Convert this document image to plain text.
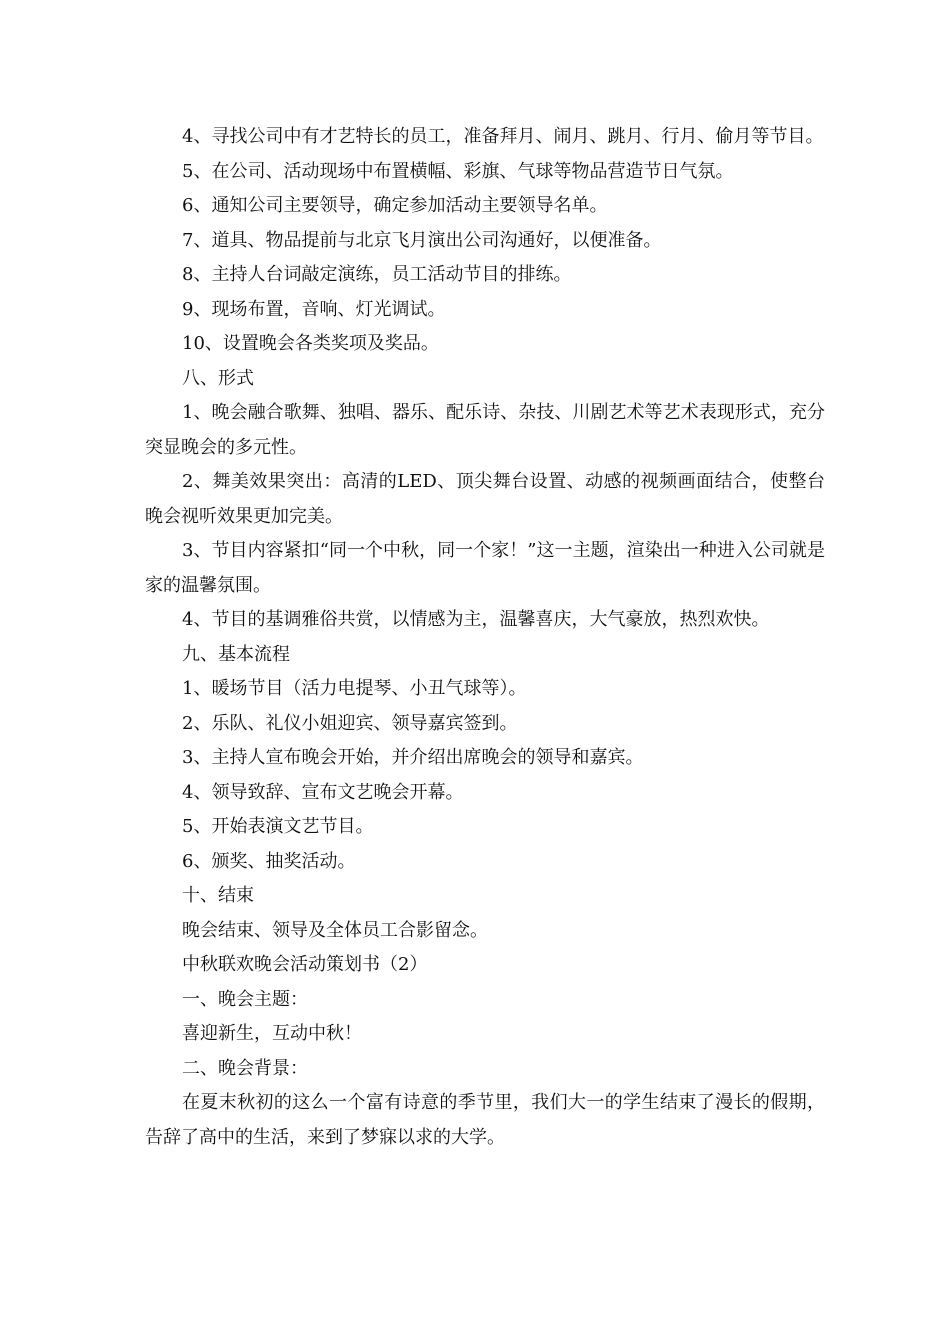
4、寻找公司中有才艺特长的员工，准备拜月、闹月、跳月、行月、偷月等节目。

5、在公司、活动现场中布置横幅、彩旗、气球等物品营造节日气氛。

6、通知公司主要领导，确定参加活动主要领导名单。

7、道具、物品提前与北京飞月演出公司沟通好，以便准备。

8、主持人台词敲定演练，员工活动节目的排练。

9、现场布置，音响、灯光调试。

10、设置晚会各类奖项及奖品。

八、形式

1、晚会融合歌舞、独唱、器乐、配乐诗、杂技、川剧艺术等艺术表现形式，充分突显晚会的多元性。

2、舞美效果突出：高清的LED、顶尖舞台设置、动感的视频画面结合，使整台晚会视听效果更加完美。

3、节目内容紧扣“同一个中秋，同一个家！”这一主题，渲染出一种进入公司就是家的温馨氛围。

4、节目的基调雅俗共赏，以情感为主，温馨喜庆，大气豪放，热烈欢快。

九、基本流程

1、暖场节目（活力电提琴、小丑气球等）。

2、乐队、礼仪小姐迎宾、领导嘉宾签到。

3、主持人宣布晚会开始，并介绍出席晚会的领导和嘉宾。

4、领导致辞、宣布文艺晚会开幕。

5、开始表演文艺节目。

6、颁奖、抽奖活动。

十、结束

晚会结束、领导及全体员工合影留念。

中秋联欢晚会活动策划书（2）

一、晚会主题：

喜迎新生，互动中秋！

二、晚会背景：

在夏末秋初的这么一个富有诗意的季节里，我们大一的学生结束了漫长的假期，告辞了高中的生活，来到了梦寐以求的大学。
